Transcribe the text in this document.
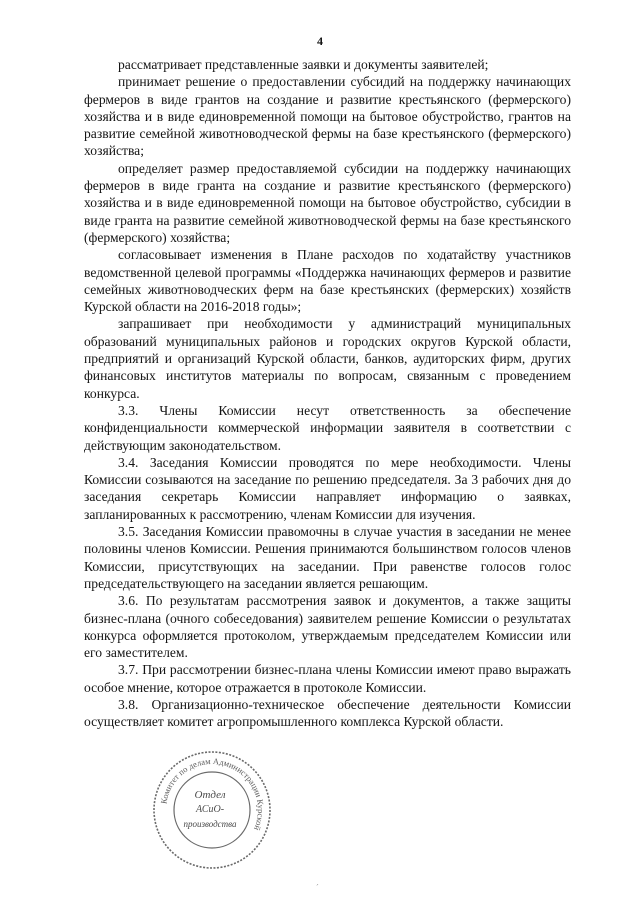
4

рассматривает представленные заявки и документы заявителей;

принимает решение о предоставлении субсидий на поддержку начинающих фермеров в виде грантов на создание и развитие крестьянского (фермерского) хозяйства и в виде единовременной помощи на бытовое обустройство, грантов на развитие семейной животноводческой фермы на базе крестьянского (фермерского) хозяйства;

определяет размер предоставляемой субсидии на поддержку начинающих фермеров в виде гранта на создание и развитие крестьянского (фермерского) хозяйства и в виде единовременной помощи на бытовое обустройство, субсидии в виде гранта на развитие семейной животноводческой фермы на базе крестьянского (фермерского) хозяйства;

согласовывает изменения в Плане расходов по ходатайству участников ведомственной целевой программы «Поддержка начинающих фермеров и развитие семейных животноводческих ферм на базе крестьянских (фермерских) хозяйств Курской области на 2016-2018 годы»;

запрашивает при необходимости у администраций муниципальных образований муниципальных районов и городских округов Курской области, предприятий и организаций Курской области, банков, аудиторских фирм, других финансовых институтов материалы по вопросам, связанным с проведением конкурса.

3.3. Члены Комиссии несут ответственность за обеспечение конфиденциальности коммерческой информации заявителя в соответствии с действующим законодательством.

3.4. Заседания Комиссии проводятся по мере необходимости. Члены Комиссии созываются на заседание по решению председателя. За 3 рабочих дня до заседания секретарь Комиссии направляет информацию о заявках, запланированных к рассмотрению, членам Комиссии для изучения.

3.5. Заседания Комиссии правомочны в случае участия в заседании не менее половины членов Комиссии. Решения принимаются большинством голосов членов Комиссии, присутствующих на заседании. При равенстве голосов голос председательствующего на заседании является решающим.

3.6. По результатам рассмотрения заявок и документов, а также защиты бизнес-плана (очного собеседования) заявителем решение Комиссии о результатах конкурса оформляется протоколом, утверждаемым председателем Комиссии или его заместителем.

3.7. При рассмотрении бизнес-плана члены Комиссии имеют право выражать особое мнение, которое отражается в протоколе Комиссии.

3.8. Организационно-техническое обеспечение деятельности Комиссии осуществляет комитет агропромышленного комплекса Курской области.

Комитет по делам Администрации Курской
Отдел
АСиО-
производства
´
